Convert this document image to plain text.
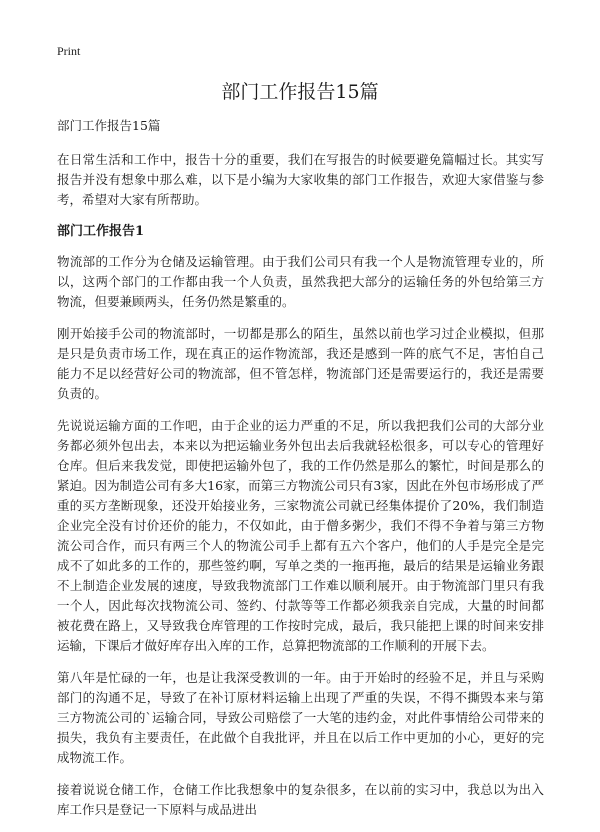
Print
部门工作报告15篇
部门工作报告15篇

在日常生活和工作中，报告十分的重要，我们在写报告的时候要避免篇幅过长。其实写报告并没有想象中那么难，以下是小编为大家收集的部门工作报告，欢迎大家借鉴与参考，希望对大家有所帮助。

部门工作报告1

物流部的工作分为仓储及运输管理。由于我们公司只有我一个人是物流管理专业的，所以，这两个部门的工作都由我一个人负责，虽然我把大部分的运输任务的外包给第三方物流，但要兼顾两头，任务仍然是繁重的。

刚开始接手公司的物流部时，一切都是那么的陌生，虽然以前也学习过企业模拟，但那是只是负责市场工作，现在真正的运作物流部，我还是感到一阵的底气不足，害怕自己能力不足以经营好公司的物流部，但不管怎样，物流部门还是需要运行的，我还是需要负责的。

先说说运输方面的工作吧，由于企业的运力严重的不足，所以我把我们公司的大部分业务都必须外包出去，本来以为把运输业务外包出去后我就轻松很多，可以专心的管理好仓库。但后来我发觉，即使把运输外包了，我的工作仍然是那么的繁忙，时间是那么的紧迫。因为制造公司有多大16家，而第三方物流公司只有3家，因此在外包市场形成了严重的买方垄断现象，还没开始接业务，三家物流公司就已经集体提价了20%，我们制造企业完全没有讨价还价的能力，不仅如此，由于僧多粥少，我们不得不争着与第三方物流公司合作，而只有两三个人的物流公司手上都有五六个客户，他们的人手是完全是完成不了如此多的工作的，那些签约啊，写单之类的一拖再拖，最后的结果是运输业务跟不上制造企业发展的速度，导致我物流部门工作难以顺利展开。由于物流部门里只有我一个人，因此每次找物流公司、签约、付款等等工作都必须我亲自完成，大量的时间都被花费在路上，又导致我仓库管理的工作按时完成，最后，我只能把上课的时间来安排运输，下课后才做好库存出入库的工作，总算把物流部的工作顺利的开展下去。

第八年是忙碌的一年，也是让我深受教训的一年。由于开始时的经验不足，并且与采购部门的沟通不足，导致了在补订原材料运输上出现了严重的失误，不得不撕毁本来与第三方物流公司的`运输合同，导致公司赔偿了一大笔的违约金，对此件事情给公司带来的损失，我负有主要责任，在此做个自我批评，并且在以后工作中更加的小心，更好的完成物流工作。

接着说说仓储工作，仓储工作比我想象中的复杂很多，在以前的实习中，我总以为出入库工作只是登记一下原料与成品进出
